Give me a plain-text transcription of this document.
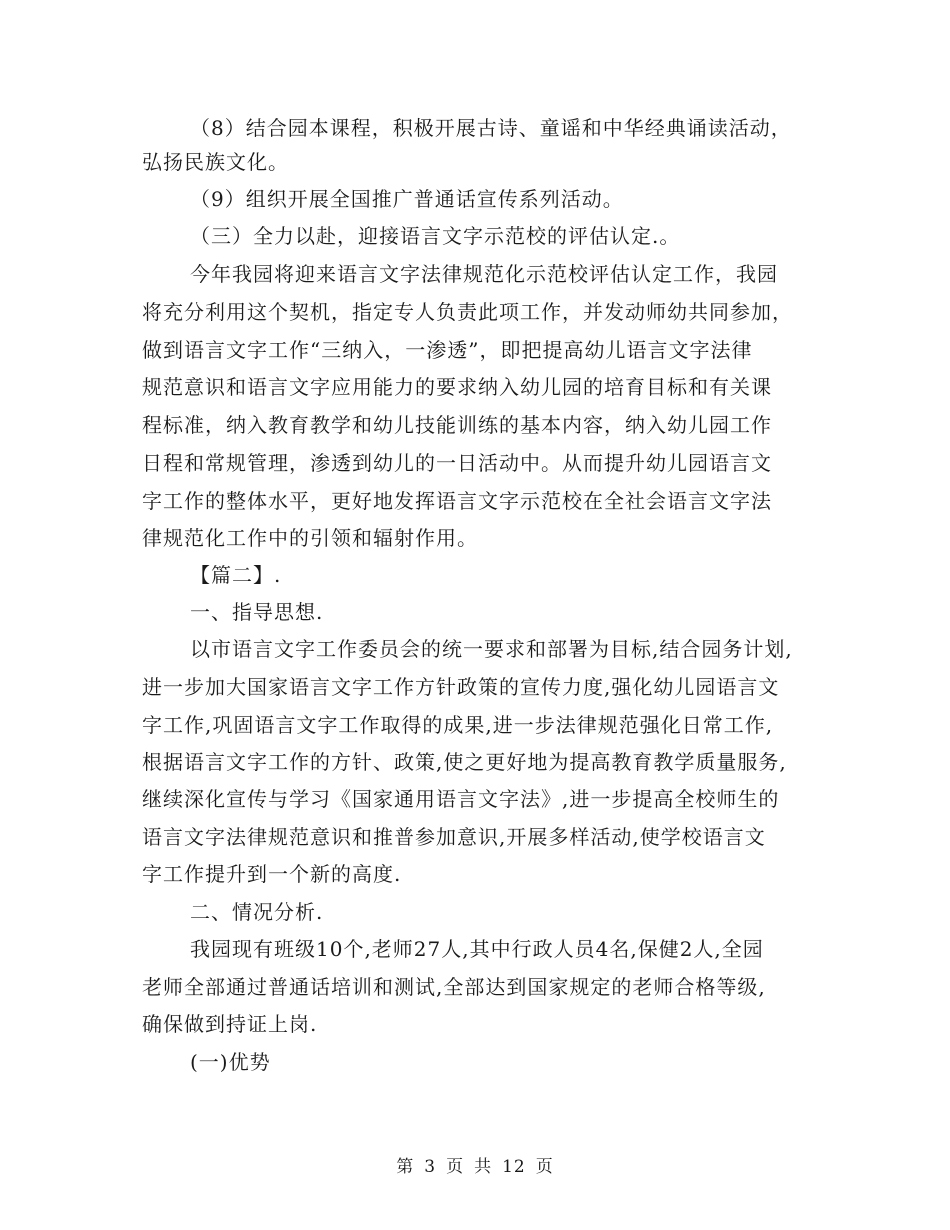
（8）结合园本课程，积极开展古诗、童谣和中华经典诵读活动，
弘扬民族文化。
（9）组织开展全国推广普通话宣传系列活动。
（三）全力以赴，迎接语言文字示范校的评估认定.。
今年我园将迎来语言文字法律规范化示范校评估认定工作，我园
将充分利用这个契机，指定专人负责此项工作，并发动师幼共同参加，
做到语言文字工作“三纳入，一渗透”，即把提高幼儿语言文字法律
规范意识和语言文字应用能力的要求纳入幼儿园的培育目标和有关课
程标准，纳入教育教学和幼儿技能训练的基本内容，纳入幼儿园工作
日程和常规管理，渗透到幼儿的一日活动中。从而提升幼儿园语言文
字工作的整体水平，更好地发挥语言文字示范校在全社会语言文字法
律规范化工作中的引领和辐射作用。
【篇二】.
一、指导思想.
以市语言文字工作委员会的统一要求和部署为目标,结合园务计划,
进一步加大国家语言文字工作方针政策的宣传力度,强化幼儿园语言文
字工作,巩固语言文字工作取得的成果,进一步法律规范强化日常工作,
根据语言文字工作的方针、政策,使之更好地为提高教育教学质量服务,
继续深化宣传与学习《国家通用语言文字法》,进一步提高全校师生的
语言文字法律规范意识和推普参加意识,开展多样活动,使学校语言文
字工作提升到一个新的高度.
二、情况分析.
我园现有班级10个,老师27人,其中行政人员4名,保健2人,全园
老师全部通过普通话培训和测试,全部达到国家规定的老师合格等级,
确保做到持证上岗.
(一)优势
第 3 页 共 12 页
